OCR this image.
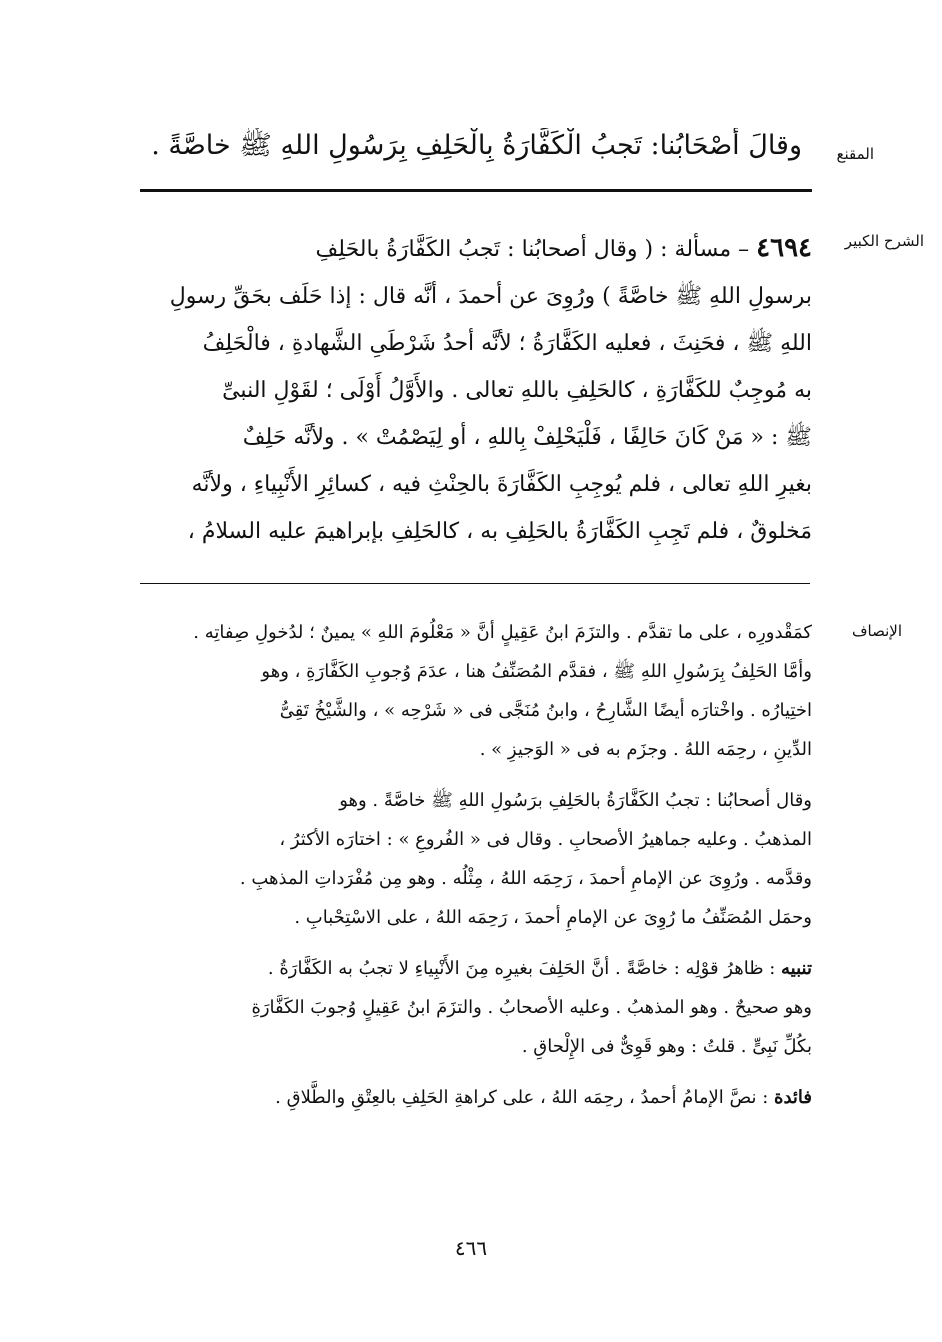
المقنع
الشرح الكبير
الإنصاف
وقالَ أَصْحَابُنا: تَجبُ الْكَفَّارَةُ بِالْحَلِفِ بِرَسُولِ اللهِ ﷺ خاصَّةً .
٤٦٩٤ – مسألة : ( وقال أصحابُنا : تَجبُ الكَفَّارَةُ بالحَلِفِ
برسولِ اللهِ ﷺ خاصَّةً ) ورُوِىَ عن أحمدَ ، أنَّه قال : إذا حَلَف بحَقِّ رسولِ
اللهِ ﷺ ، فحَنِثَ ، فعليه الكَفَّارَةُ ؛ لأنَّه أحدُ شَرْطَىِ الشَّهادةِ ، فالْحَلِفُ
به مُوجِبٌ للكَفَّارَةِ ، كالحَلِفِ باللهِ تعالى . والأَوَّلُ أَوْلَى ؛ لقَوْلِ النبىِّ
ﷺ : « مَنْ كَانَ حَالِفًا ، فَلْيَحْلِفْ بِاللهِ ، أو لِيَصْمُتْ » . ولأنَّه حَلِفٌ
بغيرِ اللهِ تعالى ، فلم يُوجِبِ الكَفَّارَةَ بالحِنْثِ فيه ، كسائِرِ الأَنْبِياءِ ، ولأنَّه
مَخلوقٌ ، فلم تَجِبِ الكَفَّارَةُ بالحَلِفِ به ، كالحَلِفِ بإبراهيمَ عليه السلامُ ،
كمَقْدورِه ، على ما تقدَّم . والتزَمَ ابنُ عَقِيلٍ أنَّ « مَعْلُومَ اللهِ » يمينٌ ؛ لدُخولِ صِفاتِه .
وأمَّا الحَلِفُ بِرَسُولِ اللهِ ﷺ ، فقدَّم المُصَنِّفُ هنا ، عدَمَ وُجوبِ الكَفَّارَةِ ، وهو
اختِيارُه . واخْتارَه أيضًا الشَّارِحُ ، وابنُ مُنَجَّى فى « شَرْحِه » ، والشَّيْخُ تَقِىُّ
الدِّينِ ، رحِمَه اللهُ . وجزَم به فى « الوَجيزِ » .
وقال أصحابُنا : تجبُ الكَفَّارَةُ بالحَلِفِ برَسُولِ اللهِ ﷺ خاصَّةً . وهو
المذهبُ . وعليه جماهيرُ الأصحابِ . وقال فى « الفُروعِ » : اختارَه الأكثرُ ،
وقدَّمه . ورُوِىَ عن الإمامِ أحمدَ ، رَحِمَه اللهُ ، مِثْلُه . وهو مِن مُفْرَداتِ المذهبِ .
وحمَل المُصَنِّفُ ما رُوِىَ عن الإمامِ أحمدَ ، رَحِمَه اللهُ ، على الاسْتِحْبابِ .
تنبيه : ظاهرُ قوْلِه : خاصَّةً . أنَّ الحَلِفَ بغيرِه مِنَ الأَنْبِياءِ لا تجبُ به الكَفَّارَةُ .
وهو صحيحٌ . وهو المذهبُ . وعليه الأصحابُ . والتزَمَ ابنُ عَقِيلٍ وُجوبَ الكَفَّارَةِ
بكُلِّ نَبِىٍّ . قلتُ : وهو قَوِىٌّ فى الإِلْحاقِ .
فائدة : نصَّ الإمامُ أحمدُ ، رحِمَه اللهُ ، على كراهةِ الحَلِفِ بالعِتْقِ والطَّلاقِ .
٤٦٦
